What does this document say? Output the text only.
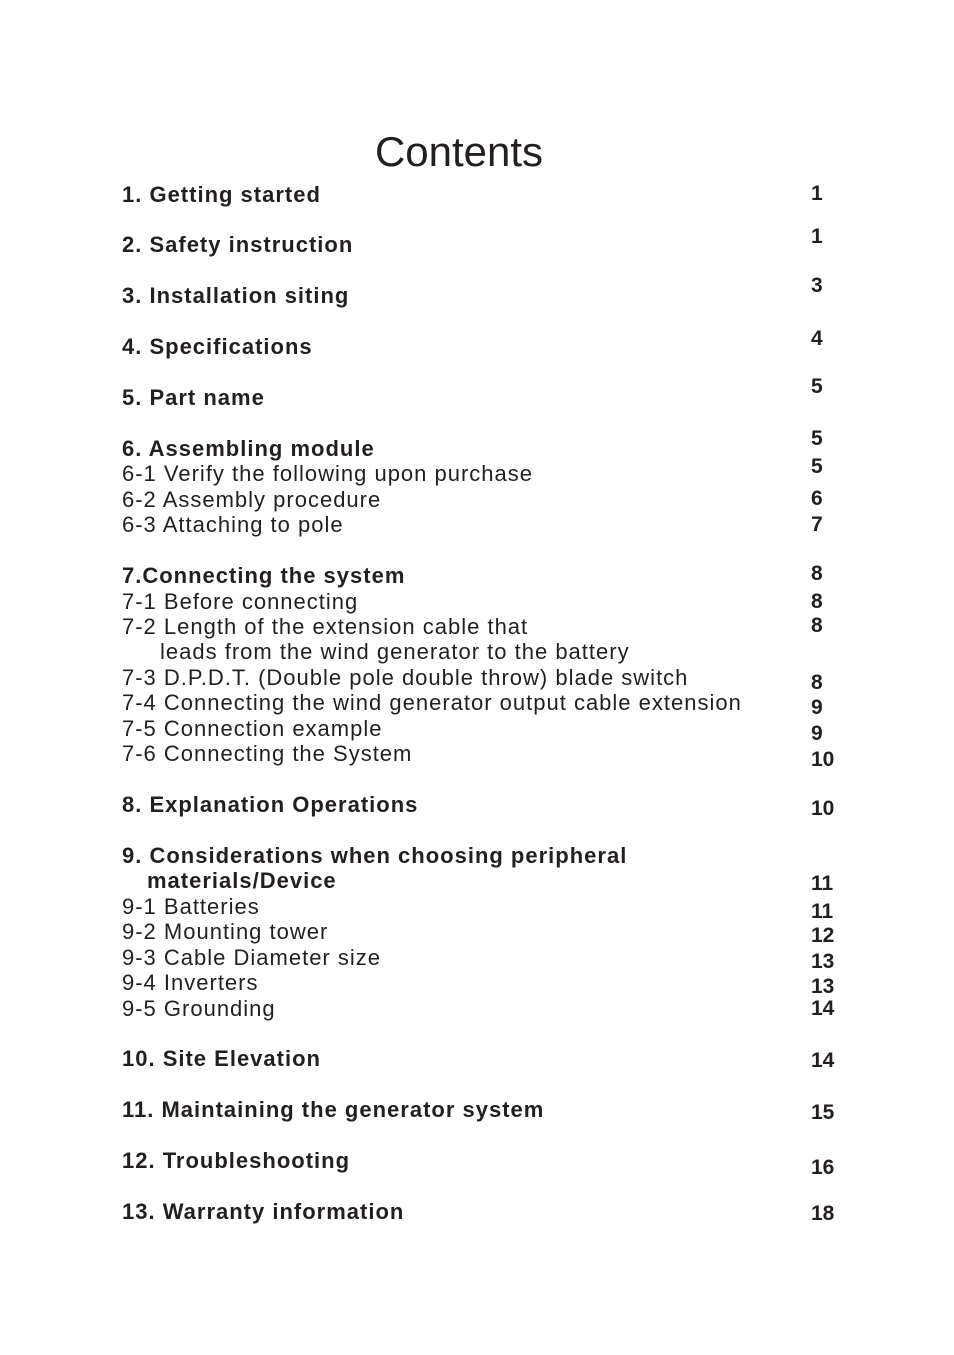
Contents
1. Getting started
2. Safety instruction
3. Installation siting
4. Specifications
5. Part name
6. Assembling module
6-1 Verify the following upon purchase
6-2 Assembly procedure
6-3 Attaching to pole
7.Connecting the system
7-1 Before connecting
7-2 Length of the extension cable that
leads from the wind generator to the battery
7-3 D.P.D.T. (Double pole double throw) blade switch
7-4 Connecting the wind generator output cable extension
7-5 Connection example
7-6 Connecting the System
8. Explanation Operations
9. Considerations when choosing peripheral
materials/Device
9-1 Batteries
9-2 Mounting tower
9-3 Cable Diameter size
9-4 Inverters
9-5 Grounding
10. Site Elevation
11. Maintaining the generator system
12. Troubleshooting
13. Warranty information
1
1
3
4
5
5
5
6
7
8
8
8
8
9
9
10
10
11
11
12
13
13
14
14
15
16
18
